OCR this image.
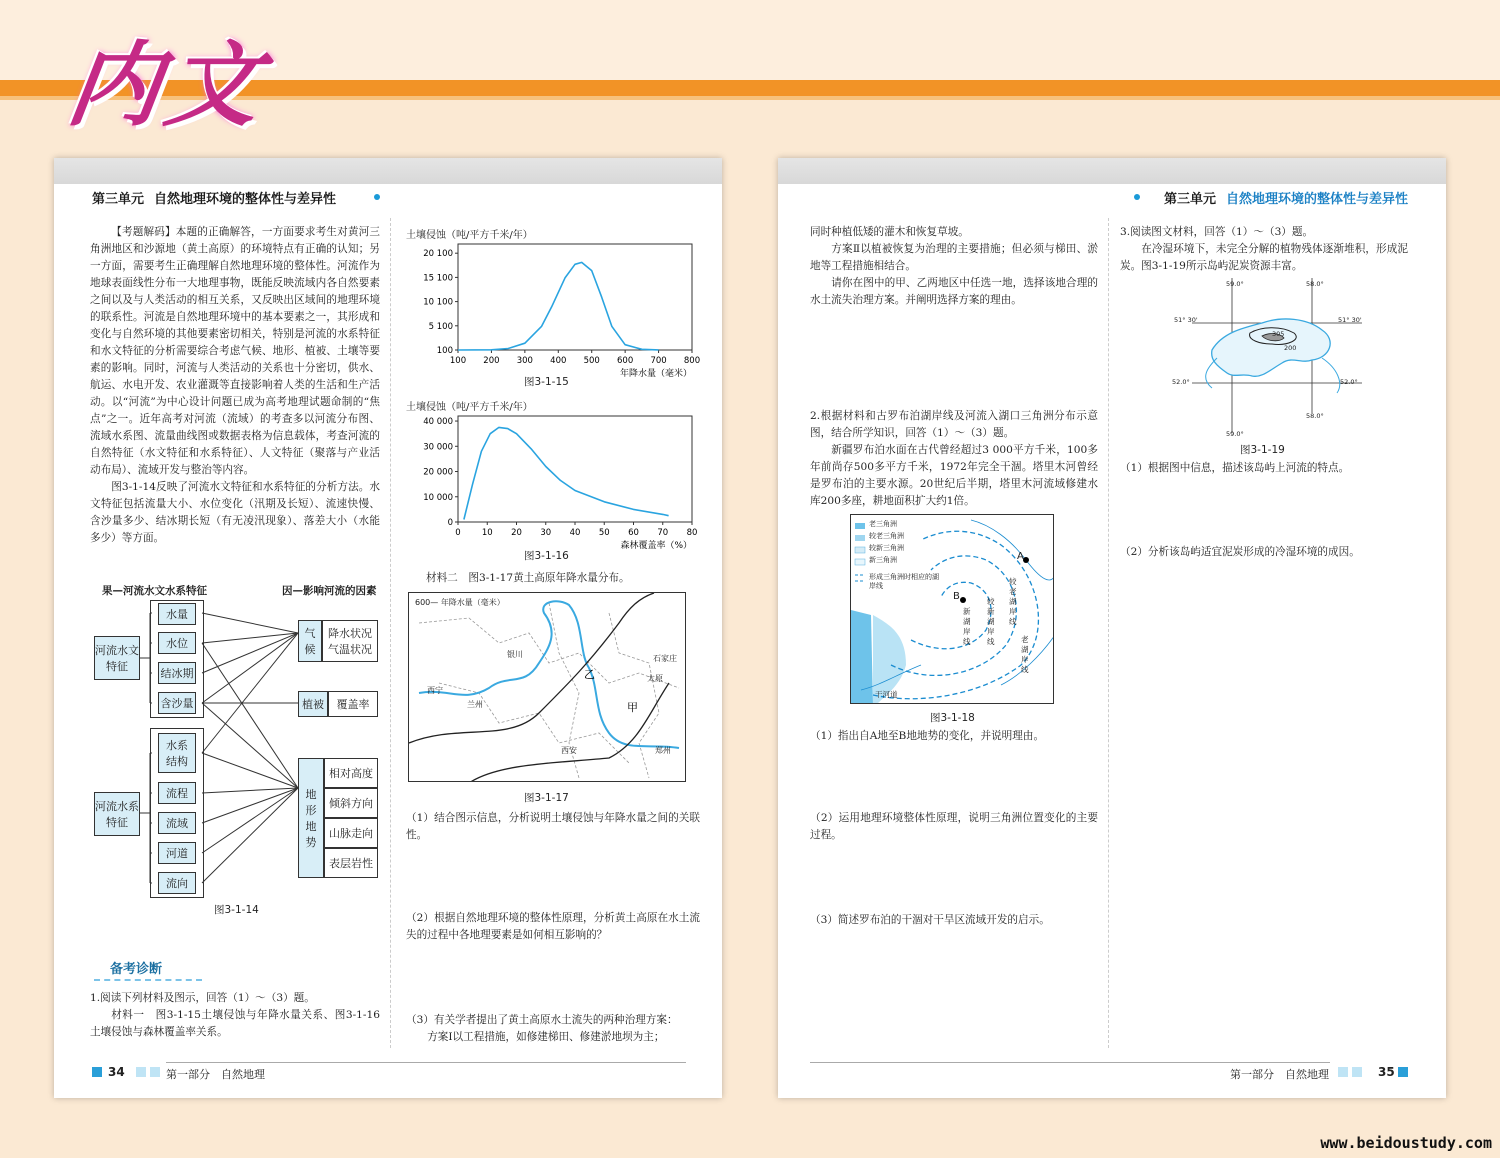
内文
第三单元 自然地理环境的整体性与差异性

【考题解码】本题的正确解答，一方面要求考生对黄河三角洲地区和沙源地（黄土高原）的环境特点有正确的认知；另一方面，需要考生正确理解自然地理环境的整体性。河流作为地球表面线性分布一大地理事物，既能反映流域内各自然要素之间以及与人类活动的相互关系，又反映出区域间的地理环境的联系性。河流是自然地理环境中的基本要素之一，其形成和变化与自然环境的其他要素密切相关，特别是河流的水系特征和水文特征的分析需要综合考虑气候、地形、植被、土壤等要素的影响。同时，河流与人类活动的关系也十分密切，供水、航运、水电开发、农业灌溉等直接影响着人类的生活和生产活动。以“河流”为中心设计问题已成为高考地理试题命制的“焦点”之一。近年高考对河流（流域）的考查多以河流分布图、流域水系图、流量曲线图或数据表格为信息载体，考查河流的自然特征（水文特征和水系特征）、人文特征（聚落与产业活动布局）、流域开发与整治等内容。

图3-1-14反映了河流水文特征和水系特征的分析方法。水文特征包括流量大小、水位变化（汛期及长短）、流速快慢、含沙量多少、结冰期长短（有无凌汛现象）、落差大小（水能多少）等方面。

果—河流水文水系特征	因—影响河流的因素
河流水文特征
河流水系特征
水量
水位
结冰期
含沙量
水系结构
流程
流域
河道
流向
气候
降水状况气温状况
植被	覆盖率
地形地势
相对高度
倾斜方向
山脉走向
表层岩性
图3-1-14
备考诊断
1.阅读下列材料及图示，回答（1）～（3）题。

材料一　图3-1-15土壤侵蚀与年降水量关系、图3-1-16土壤侵蚀与森林覆盖率关系。

土壤侵蚀（吨/平方千米/年）
100 200 300 400 500 600 700 800
100
5 100
10 100
15 100
20 100
年降水量（毫米）
图3-1-15
土壤侵蚀（吨/平方千米/年）
0 10 20 30 40 50 60 70 80
0
10 000
20 000
30 000
40 000
森林覆盖率（%）
图3-1-16
材料二　图3-1-17黄土高原年降水量分布。
乙
甲
600— 年降水量（毫米）
银川	石家庄
太原
西宁
兰州
西安	郑州
图3-1-17
（1）结合图示信息，分析说明土壤侵蚀与年降水量之间的关联性。
（2）根据自然地理环境的整体性原理，分析黄土高原在水土流失的过程中各地理要素是如何相互影响的？
（3）有关学者提出了黄土高原水土流失的两种治理方案：

方案Ⅰ以工程措施，如修建梯田、修建淤地坝为主；

34	第一部分　自然地理
第三单元 自然地理环境的整体性与差异性
同时种植低矮的灌木和恢复草坡。

方案Ⅱ以植被恢复为治理的主要措施；但必须与梯田、淤地等工程措施相结合。

请你在图中的甲、乙两地区中任选一地，选择该地合理的水土流失治理方案。并阐明选择方案的理由。

2.根据材料和古罗布泊湖岸线及河流入湖口三角洲分布示意图，结合所学知识，回答（1）～（3）题。

新疆罗布泊水面在古代曾经超过3 000平方千米，100多年前尚存500多平方千米，1972年完全干涸。塔里木河曾经是罗布泊的主要水源。20世纪后半期，塔里木河流域修建水库200多座，耕地面积扩大约1倍。

老三角洲
较老三角洲
较新三角洲
新三角洲
形成三角洲时相应的湖岸线
A
B
较老湖岸线
较新湖岸线
新湖岸线	老湖岸线
干河道
图3-1-18
（1）指出自A地至B地地势的变化，并说明理由。
（2）运用地理环境整体性原理，说明三角洲位置变化的主要过程。
（3）简述罗布泊的干涸对干旱区流域开发的启示。
3.阅读图文材料，回答（1）～（3）题。

在冷湿环境下，未完全分解的植物残体逐渐堆积，形成泥炭。图3-1-19所示岛屿泥炭资源丰富。

59.0°	58.0°
51° 30'	51° 30'
52.0°	52.0°
58.0°
59.0°
305
200
图3-1-19
（1）根据图中信息，描述该岛屿上河流的特点。
（2）分析该岛屿适宜泥炭形成的冷湿环境的成因。
第一部分　自然地理	35
www.beidoustudy.com
